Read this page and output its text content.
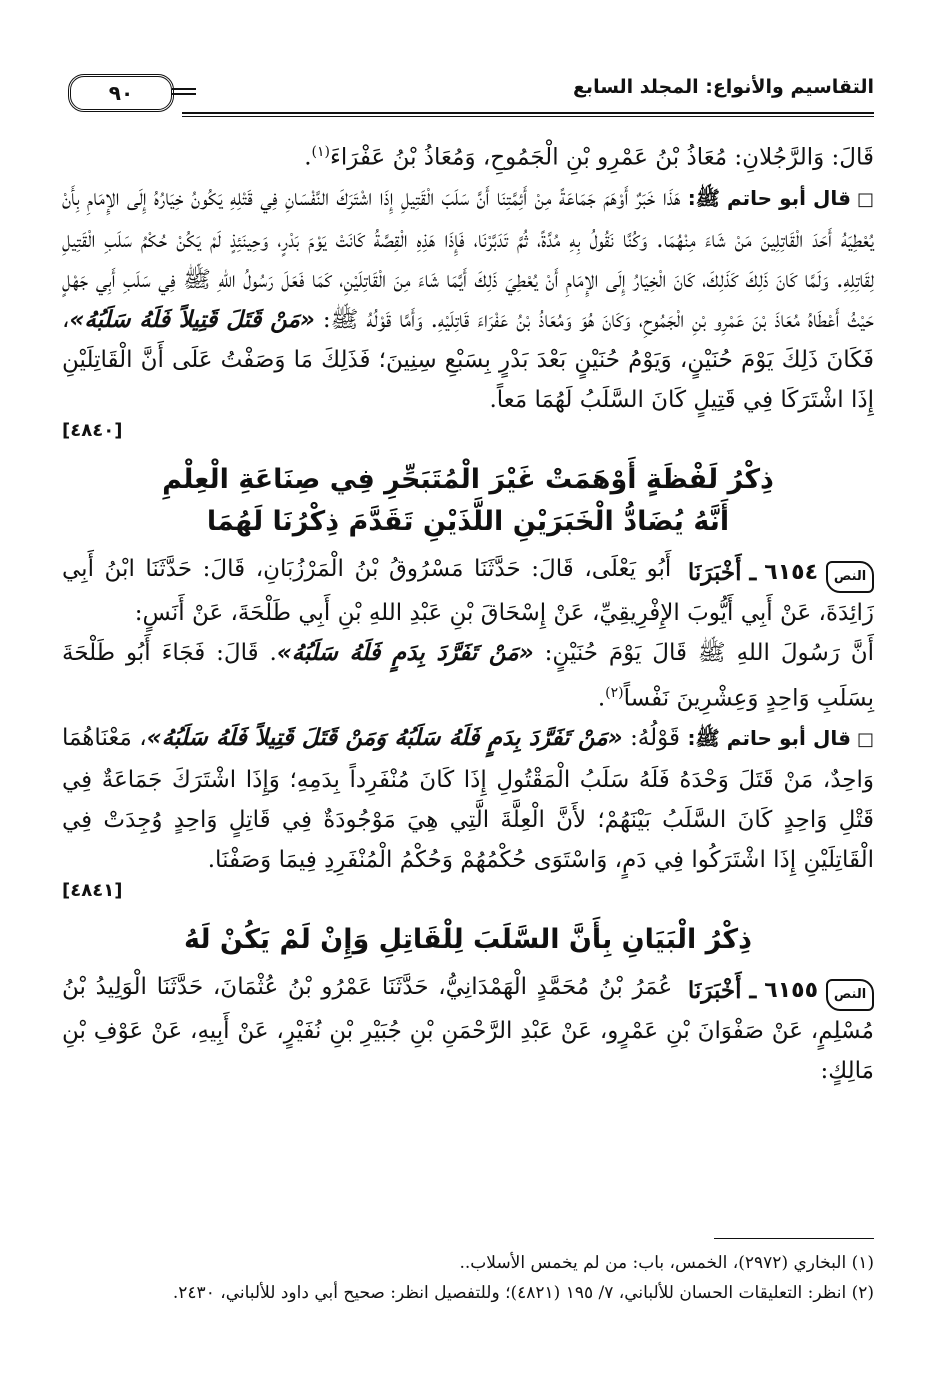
التقاسيم والأنواع: المجلد السابع
٩٠

قَالَ: وَالرَّجُلانِ: مُعَاذُ بْنُ عَمْرِو بْنِ الْجَمُوحِ، وَمُعَاذُ بْنُ عَفْرَاءَ$^{(١)}$.

□قال أبو حاتم ﷺ: هَذَا خَبَرٌ أَوْهَمَ جَمَاعَةً مِنْ أَئِمَّتِنَا أَنَّ سَلَبَ الْقَتِيلِ إِذَا اشْتَرَكَ النَّفْسَانِ فِي قَتْلِهِ يَكُونُ خِيَارُهُ إِلَى الإِمَامِ بِأَنْ يُعْطِيَهُ أَحَدَ الْقَاتِلِينَ مَنْ شَاءَ مِنْهُمَا. وَكُنَّا نَقُولُ بِهِ مُدَّةً، ثُمَّ تَدَبَّرْنَا، فَإِذَا هَذِهِ الْقِصَّةُ كَانَتْ يَوْمَ بَدْرٍ، وَحِينَئِذٍ لَمْ يَكُنْ حُكْمُ سَلَبِ الْقَتِيلِ لِقَاتِلِهِ. وَلَمَّا كَانَ ذَلِكَ كَذَلِكَ، كَانَ الْخِيَارُ إِلَى الإِمَامِ أَنْ يُعْطِيَ ذَلِكَ أَيَّمَا شَاءَ مِنَ الْقَاتِلَيْنِ، كَمَا فَعَلَ رَسُولُ اللهِ ﷺ فِي سَلَبِ أَبِي جَهْلٍ حَيْثُ أَعْطَاهُ مُعَاذَ بْنَ عَمْرِو بْنِ الْجَمُوحِ، وَكَانَ هُوَ وَمُعَاذُ بْنُ عَفْرَاءَ قَاتِلَيْهِ. وَأَمَّا قَوْلُهُ ﷺ: «مَنْ قَتَلَ قَتِيلاً فَلَهُ سَلَبُهُ»، فَكَانَ ذَلِكَ يَوْمَ حُنَيْنٍ، وَيَوْمُ حُنَيْنٍ بَعْدَ بَدْرٍ بِسَبْعِ سِنِينَ؛ فَذَلِكَ مَا وَصَفْتُ عَلَى أَنَّ الْقَاتِلَيْنِ إِذَا اشْتَرَكَا فِي قَتِيلٍ كَانَ السَّلَبُ لَهُمَا مَعاً.

[٤٨٤٠]
ذِكْرُ لَفْظَةٍ أَوْهَمَتْ غَيْرَ الْمُتَبَحِّرِ فِي صِنَاعَةِ الْعِلْمِ
أَنَّهُ يُضَادُّ الْخَبَرَيْنِ اللَّذَيْنِ تَقَدَّمَ ذِكْرُنَا لَهُمَا

النص
٦١٥٤
ـ أَخْبَرَنَا
أَبُو يَعْلَى، قَالَ: حَدَّثَنَا مَسْرُوقُ بْنُ الْمَرْزُبَانِ، قَالَ: حَدَّثَنَا ابْنُ أَبِي زَائِدَةَ، عَنْ أَبِي أَيُّوبَ الإِفْرِيقِيِّ، عَنْ إِسْحَاقَ بْنِ عَبْدِ اللهِ بْنِ أَبِي طَلْحَةَ، عَنْ أَنَسٍ:

أَنَّ رَسُولَ اللهِ ﷺ قَالَ يَوْمَ حُنَيْنٍ: «مَنْ تَفَرَّدَ بِدَمٍ فَلَهُ سَلَبُهُ». قَالَ: فَجَاءَ أَبُو طَلْحَةَ بِسَلَبِ وَاحِدٍ وَعِشْرِينَ نَفْساً$^{(٢)}$.

□قال أبو حاتم ﷺ: قَوْلُهُ: «مَنْ تَفَرَّدَ بِدَمٍ فَلَهُ سَلَبُهُ وَمَنْ قَتَلَ قَتِيلاً فَلَهُ سَلَبُهُ»، مَعْنَاهُمَا وَاحِدٌ، مَنْ قَتَلَ وَحْدَهُ فَلَهُ سَلَبُ الْمَقْتُولِ إِذَا كَانَ مُنْفَرِداً بِدَمِهِ؛ وَإِذَا اشْتَرَكَ جَمَاعَةٌ فِي قَتْلِ وَاحِدٍ كَانَ السَّلَبُ بَيْنَهُمْ؛ لأَنَّ الْعِلَّةَ الَّتِي هِيَ مَوْجُودَةٌ فِي قَاتِلٍ وَاحِدٍ وُجِدَتْ فِي الْقَاتِلَيْنِ إِذَا اشْتَرَكُوا فِي دَمٍ، وَاسْتَوَى حُكْمُهُمْ وَحُكْمُ الْمُنْفَرِدِ فِيمَا وَصَفْنَا.

[٤٨٤١]
ذِكْرُ الْبَيَانِ بِأَنَّ السَّلَبَ لِلْقَاتِلِ وَإِنْ لَمْ يَكُنْ لَهُ

النص
٦١٥٥
ـ أَخْبَرَنَا
عُمَرُ بْنُ مُحَمَّدٍ الْهَمْدَانِيُّ، حَدَّثَنَا عَمْرُو بْنُ عُثْمَانَ، حَدَّثَنَا الْوَلِيدُ بْنُ مُسْلِمٍ، عَنْ صَفْوَانَ بْنِ عَمْرٍو، عَنْ عَبْدِ الرَّحْمَنِ بْنِ جُبَيْرِ بْنِ نُفَيْرٍ، عَنْ أَبِيهِ، عَنْ عَوْفِ بْنِ مَالِكٍ:

(١) البخاري (٢٩٧٢)، الخمس، باب: من لم يخمس الأسلاب..

(٢) انظر: التعليقات الحسان للألباني، ٧/ ١٩٥ (٤٨٢١)؛ وللتفصيل انظر: صحيح أبي داود للألباني، ٢٤٣٠.
